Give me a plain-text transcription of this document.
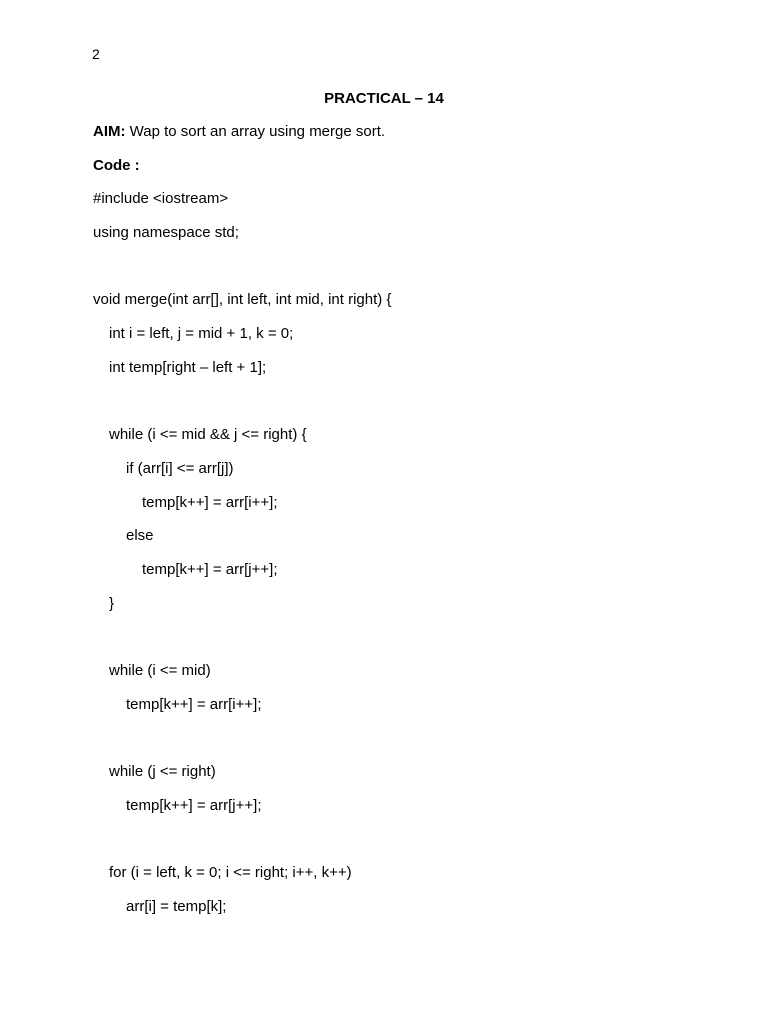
2
PRACTICAL – 14
AIM: Wap to sort an array using merge sort.
Code :
#include <iostream>
using namespace std;
void merge(int arr[], int left, int mid, int right) {
int i = left, j = mid + 1, k = 0;
int temp[right – left + 1];
while (i <= mid && j <= right) {
if (arr[i] <= arr[j])
temp[k++] = arr[i++];
else
temp[k++] = arr[j++];
}
while (i <= mid)
temp[k++] = arr[i++];
while (j <= right)
temp[k++] = arr[j++];
for (i = left, k = 0; i <= right; i++, k++)
arr[i] = temp[k];
